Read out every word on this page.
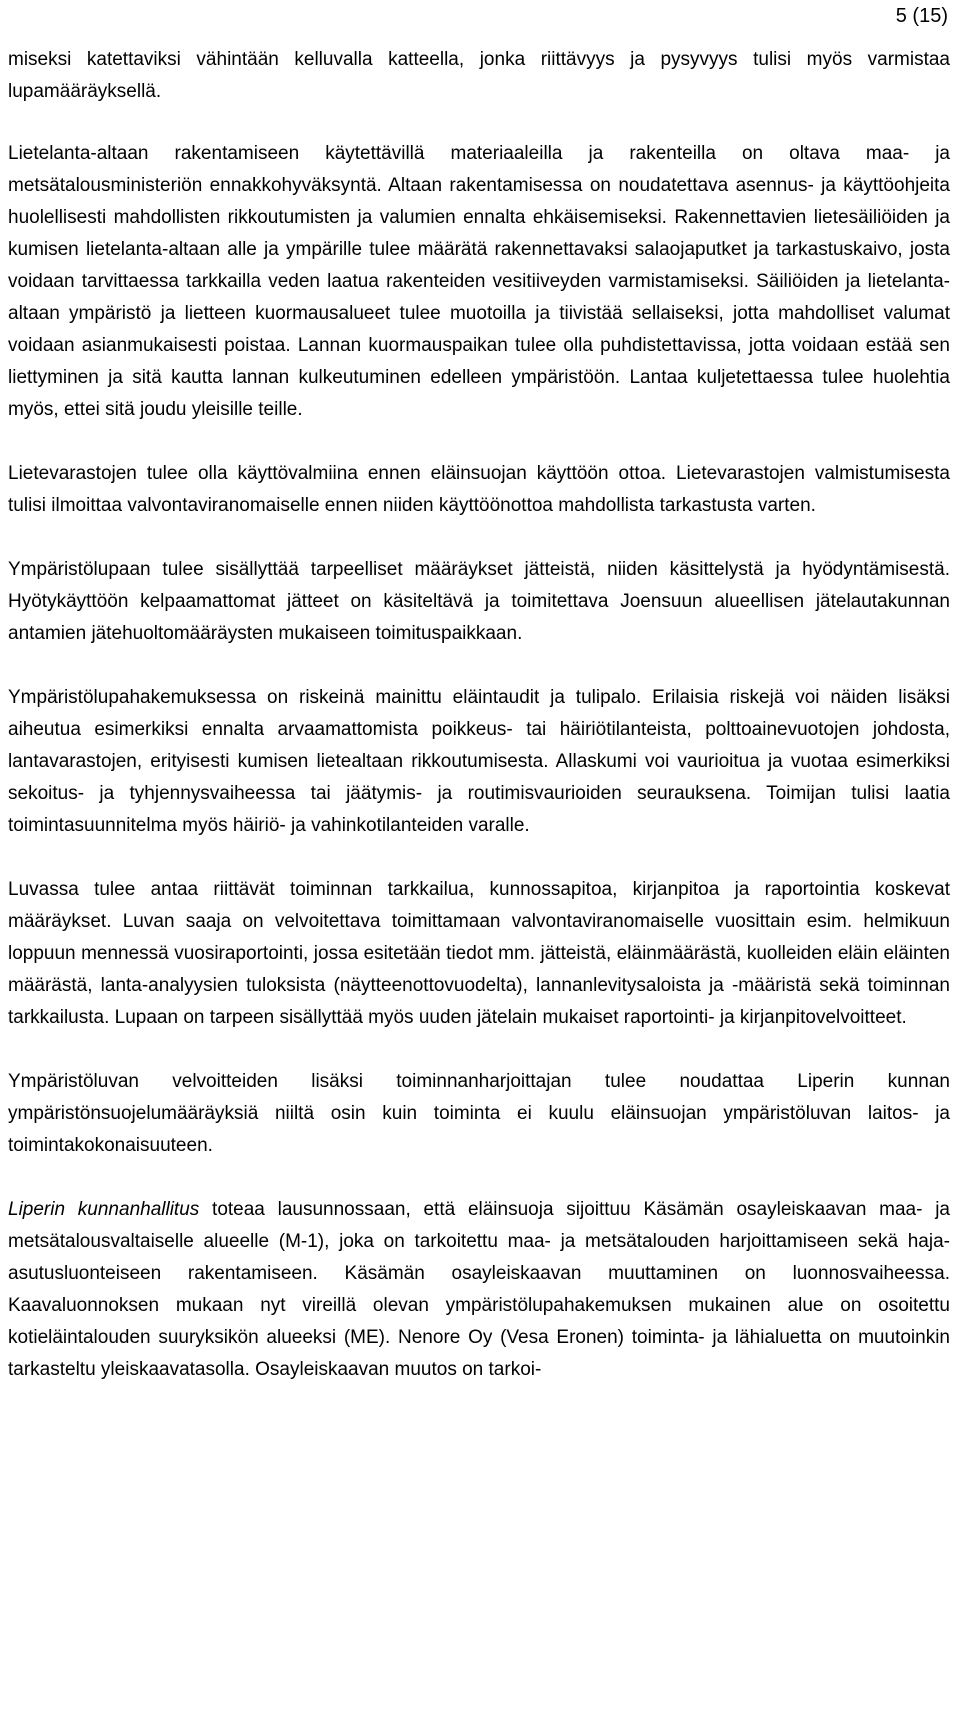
5 (15)

miseksi katettaviksi vähintään kelluvalla katteella, jonka riittävyys ja pysyvyys tulisi myös varmistaa lupamääräyksellä.

Lietelanta-altaan rakentamiseen käytettävillä materiaaleilla ja rakenteilla on oltava maa- ja metsätalousministeriön ennakkohyväksyntä. Altaan rakentamisessa on noudatettava asennus- ja käyttöohjeita huolellisesti mahdollisten rikkoutumisten ja valumien ennalta ehkäisemiseksi. Rakennettavien lietesäiliöiden ja kumisen lietelanta-altaan alle ja ympärille tulee määrätä rakennettavaksi salaojaputket ja tarkastuskaivo, josta voidaan tarvittaessa tarkkailla veden laatua rakenteiden vesitiiveyden varmistamiseksi. Säiliöiden ja lietelanta-altaan ympäristö ja lietteen kuormausalueet tulee muotoilla ja tiivistää sellaiseksi, jotta mahdolliset valumat voidaan asianmukaisesti poistaa. Lannan kuormauspaikan tulee olla puhdistettavissa, jotta voidaan estää sen liettyminen ja sitä kautta lannan kulkeutuminen edelleen ympäristöön. Lantaa kuljetettaessa tulee huolehtia myös, ettei sitä joudu yleisille teille.

Lietevarastojen tulee olla käyttövalmiina ennen eläinsuojan käyttöön ottoa. Lietevarastojen valmistumisesta tulisi ilmoittaa valvontaviranomaiselle ennen niiden käyttöönottoa mahdollista tarkastusta varten.

Ympäristölupaan tulee sisällyttää tarpeelliset määräykset jätteistä, niiden käsittelystä ja hyödyntämisestä. Hyötykäyttöön kelpaamattomat jätteet on käsiteltävä ja toimitettava Joensuun alueellisen jätelautakunnan antamien jätehuoltomääräysten mukaiseen toimituspaikkaan.

Ympäristölupahakemuksessa on riskeinä mainittu eläintaudit ja tulipalo. Erilaisia riskejä voi näiden lisäksi aiheutua esimerkiksi ennalta arvaamattomista poikkeus- tai häiriötilanteista, polttoainevuotojen johdosta, lantavarastojen, erityisesti kumisen lietealtaan rikkoutumisesta. Allaskumi voi vaurioitua ja vuotaa esimerkiksi sekoitus- ja tyhjennysvaiheessa tai jäätymis- ja routimisvaurioiden seurauksena. Toimijan tulisi laatia toimintasuunnitelma myös häiriö- ja vahinkotilanteiden varalle.

Luvassa tulee antaa riittävät toiminnan tarkkailua, kunnossapitoa, kirjanpitoa ja raportointia koskevat määräykset. Luvan saaja on velvoitettava toimittamaan valvontaviranomaiselle vuosittain esim. helmikuun loppuun mennessä vuosiraportointi, jossa esitetään tiedot mm. jätteistä, eläinmäärästä, kuolleiden eläin eläinten määrästä, lanta-analyysien tuloksista (näytteenottovuodelta), lannanlevitysaloista ja -määristä sekä toiminnan tarkkailusta. Lupaan on tarpeen sisällyttää myös uuden jätelain mukaiset raportointi- ja kirjanpitovelvoitteet.

Ympäristöluvan velvoitteiden lisäksi toiminnanharjoittajan tulee noudattaa Liperin kunnan ympäristönsuojelumääräyksiä niiltä osin kuin toiminta ei kuulu eläinsuojan ympäristöluvan laitos- ja toimintakokonaisuuteen.

Liperin kunnanhallitus toteaa lausunnossaan, että eläinsuoja sijoittuu Käsämän osayleiskaavan maa- ja metsätalousvaltaiselle alueelle (M-1), joka on tarkoitettu maa- ja metsätalouden harjoittamiseen sekä haja-asutusluonteiseen rakentamiseen. Käsämän osayleiskaavan muuttaminen on luonnosvaiheessa. Kaavaluonnoksen mukaan nyt vireillä olevan ympäristölupahakemuksen mukainen alue on osoitettu kotieläintalouden suuryksikön alueeksi (ME). Nenore Oy (Vesa Eronen) toiminta- ja lähialuetta on muutoinkin tarkasteltu yleiskaavatasolla. Osayleiskaavan muutos on tarkoi-
